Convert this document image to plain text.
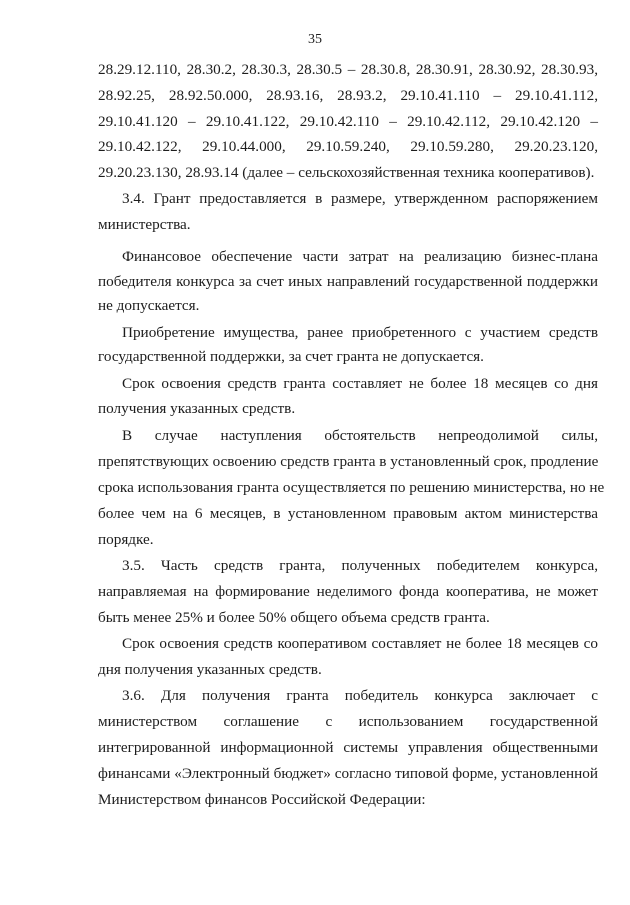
35
28.29.12.110, 28.30.2, 28.30.3, 28.30.5 – 28.30.8, 28.30.91, 28.30.92, 28.30.93,
28.92.25, 28.92.50.000, 28.93.16, 28.93.2, 29.10.41.110 – 29.10.41.112,
29.10.41.120 – 29.10.41.122, 29.10.42.110 – 29.10.42.112, 29.10.42.120 –
29.10.42.122, 29.10.44.000, 29.10.59.240, 29.10.59.280, 29.20.23.120,
29.20.23.130, 28.93.14 (далее – сельскохозяйственная техника кооперативов).
3.4. Грант предоставляется в размере, утвержденном распоряжением
министерства.
Финансовое обеспечение части затрат на реализацию бизнес-плана
победителя конкурса за счет иных направлений государственной поддержки
не допускается.
Приобретение имущества, ранее приобретенного с участием средств
государственной поддержки, за счет гранта не допускается.
Срок освоения средств гранта составляет не более 18 месяцев со дня
получения указанных средств.
В случае наступления обстоятельств непреодолимой силы,
препятствующих освоению средств гранта в установленный срок, продление
срока использования гранта осуществляется по решению министерства, но не
более чем на 6 месяцев, в установленном правовым актом министерства
порядке.
3.5. Часть средств гранта, полученных победителем конкурса,
направляемая на формирование неделимого фонда кооператива, не может
быть менее 25% и более 50% общего объема средств гранта.
Срок освоения средств кооперативом составляет не более 18 месяцев со
дня получения указанных средств.
3.6. Для получения гранта победитель конкурса заключает с
министерством соглашение с использованием государственной
интегрированной информационной системы управления общественными
финансами «Электронный бюджет» согласно типовой форме, установленной
Министерством финансов Российской Федерации:
